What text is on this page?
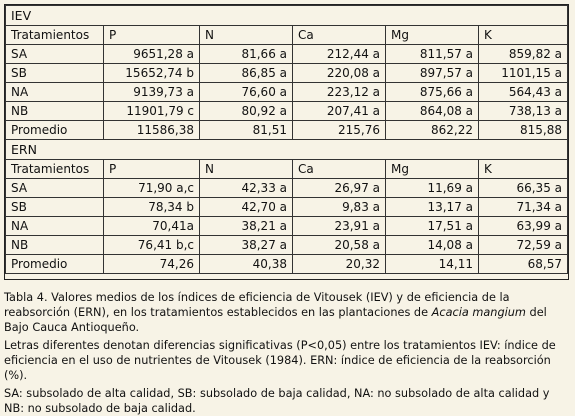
IEV					
Tratamientos	P	N	Ca	Mg	K
SA	9651,28 a	81,66 a	212,44 a	811,57 a	859,82 a
SB	15652,74 b	86,85 a	220,08 a	897,57 a	1101,15 a
NA	9139,73 a	76,60 a	223,12 a	875,66 a	564,43 a
NB	11901,79 c	80,92 a	207,41 a	864,08 a	738,13 a
Promedio	11586,38	81,51	215,76	862,22	815,88
ERN					
Tratamientos	P	N	Ca	Mg	K
SA	71,90 a,c	42,33 a	26,97 a	11,69 a	66,35 a
SB	78,34 b	42,70 a	9,83 a	13,17 a	71,34 a
NA	70,41a	38,21 a	23,91 a	17,51 a	63,99 a
NB	76,41 b,c	38,27 a	20,58 a	14,08 a	72,59 a
Promedio	74,26	40,38	20,32	14,11	68,57

Tabla 4. Valores medios de los índices de eficiencia de Vitousek (IEV) y de eficiencia de la reabsorción (ERN), en los tratamientos establecidos en las plantaciones de Acacia mangium del Bajo Cauca Antioqueño.

Letras diferentes denotan diferencias significativas (P<0,05) entre los tratamientos IEV: índice de eficiencia en el uso de nutrientes de Vitousek (1984). ERN: índice de eficiencia de la reabsorción (%).

SA: subsolado de alta calidad, SB: subsolado de baja calidad, NA: no subsolado de alta calidad y NB: no subsolado de baja calidad.
